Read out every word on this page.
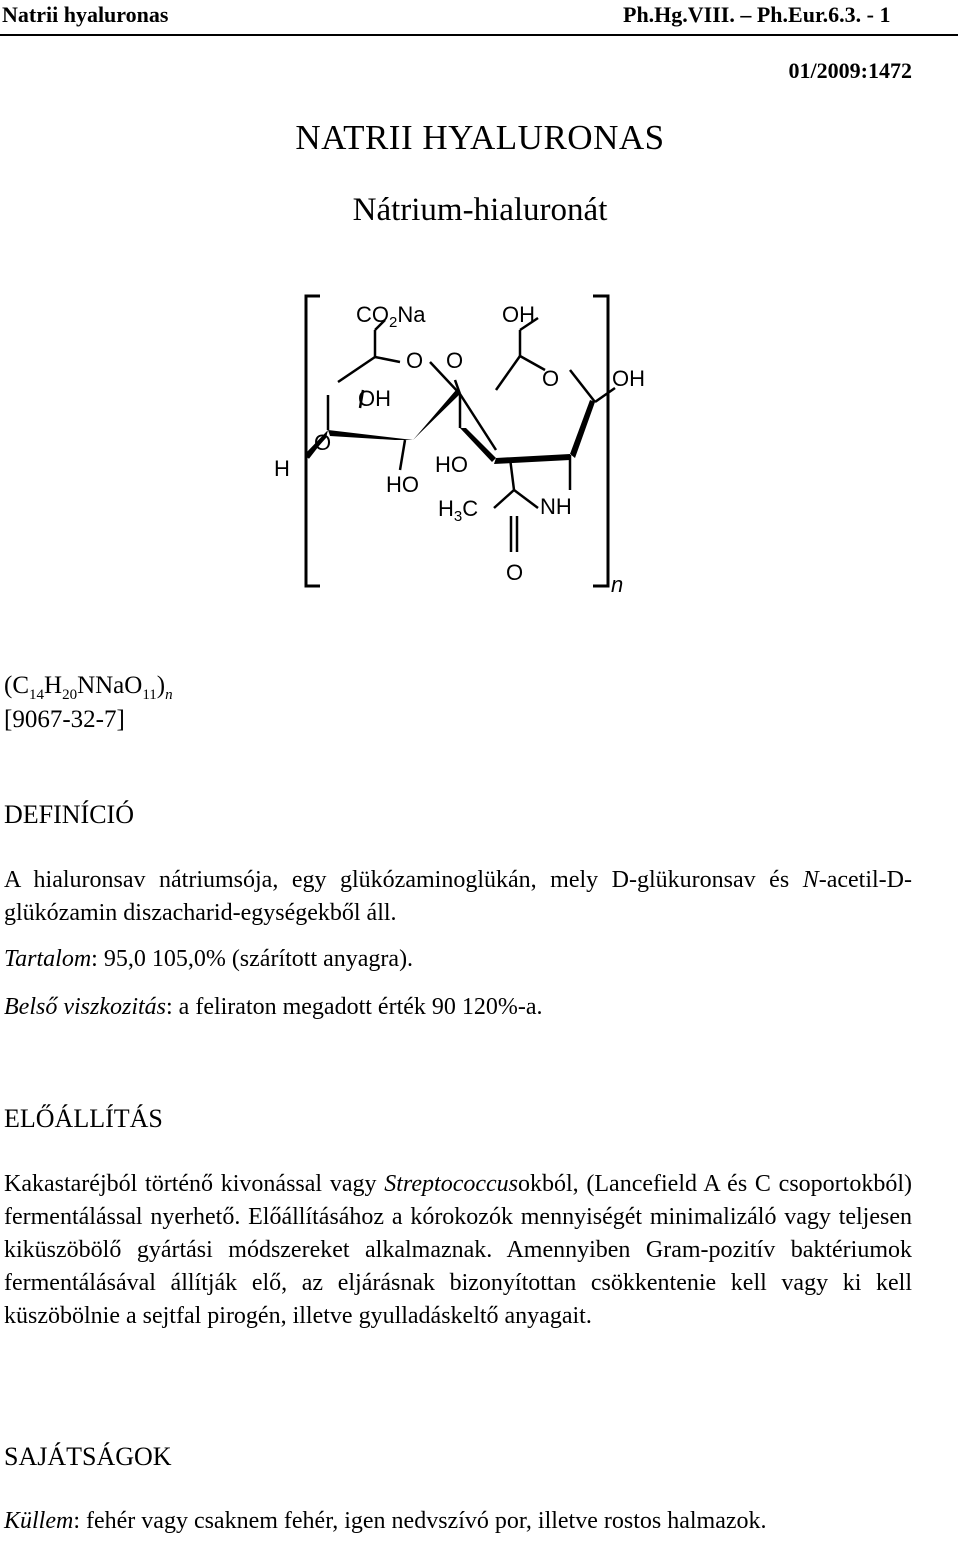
Natrii hyaluronas	Ph.Hg.VIII. – Ph.Eur.6.3. - 1
01/2009:1472
NATRII HYALURONAS
Nátrium-hialuronát
$CO_2Na$	OH
O O
OH
O OH
H
O
HO
HO
$H_3C$	NH
O	n
$(C_{14}H_{20}NNaO_{11})_n$
[9067-32-7]
DEFINÍCIÓ
A hialuronsav nátriumsója, egy glükózaminoglükán, mely D-glükuronsav és N-acetil-D-glükózamin diszacharid-egységekből áll.
Tartalom: 95,0 105,0% (szárított anyagra).
Belső viszkozitás: a feliraton megadott érték 90 120%-a.
ELŐÁLLÍTÁS
Kakastaréjból történő kivonással vagy Streptococcusokból, (Lancefield A és C csoportokból) fermentálással nyerhető. Előállításához a kórokozók mennyiségét minimalizáló vagy teljesen kiküszöbölő gyártási módszereket alkalmaznak. Amennyiben Gram-pozitív baktériumok fermentálásával állítják elő, az eljárásnak bizonyítottan csökkentenie kell vagy ki kell küszöbölnie a sejtfal pirogén, illetve gyulladáskeltő anyagait.
SAJÁTSÁGOK
Küllem: fehér vagy csaknem fehér, igen nedvszívó por, illetve rostos halmazok.
